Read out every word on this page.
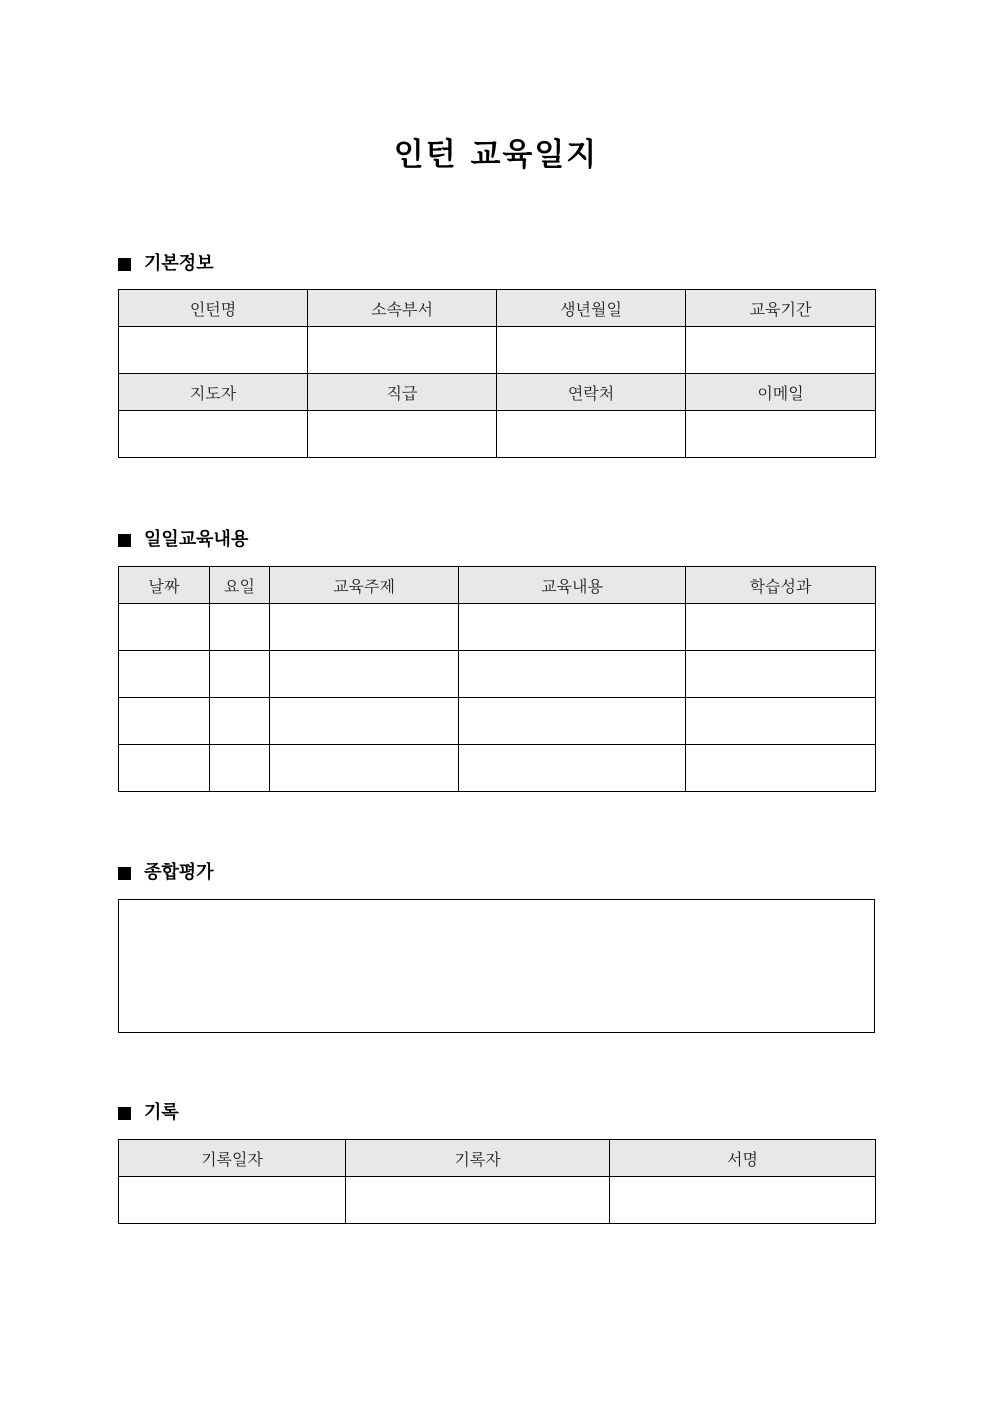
인턴 교육일지
기본정보
인턴명	소속부서	생년월일	교육기간

지도자	직급	연락처	이메일

일일교육내용
날짜	요일	교육주제	교육내용	학습성과

종합평가
기록
기록일자	기록자	서명
